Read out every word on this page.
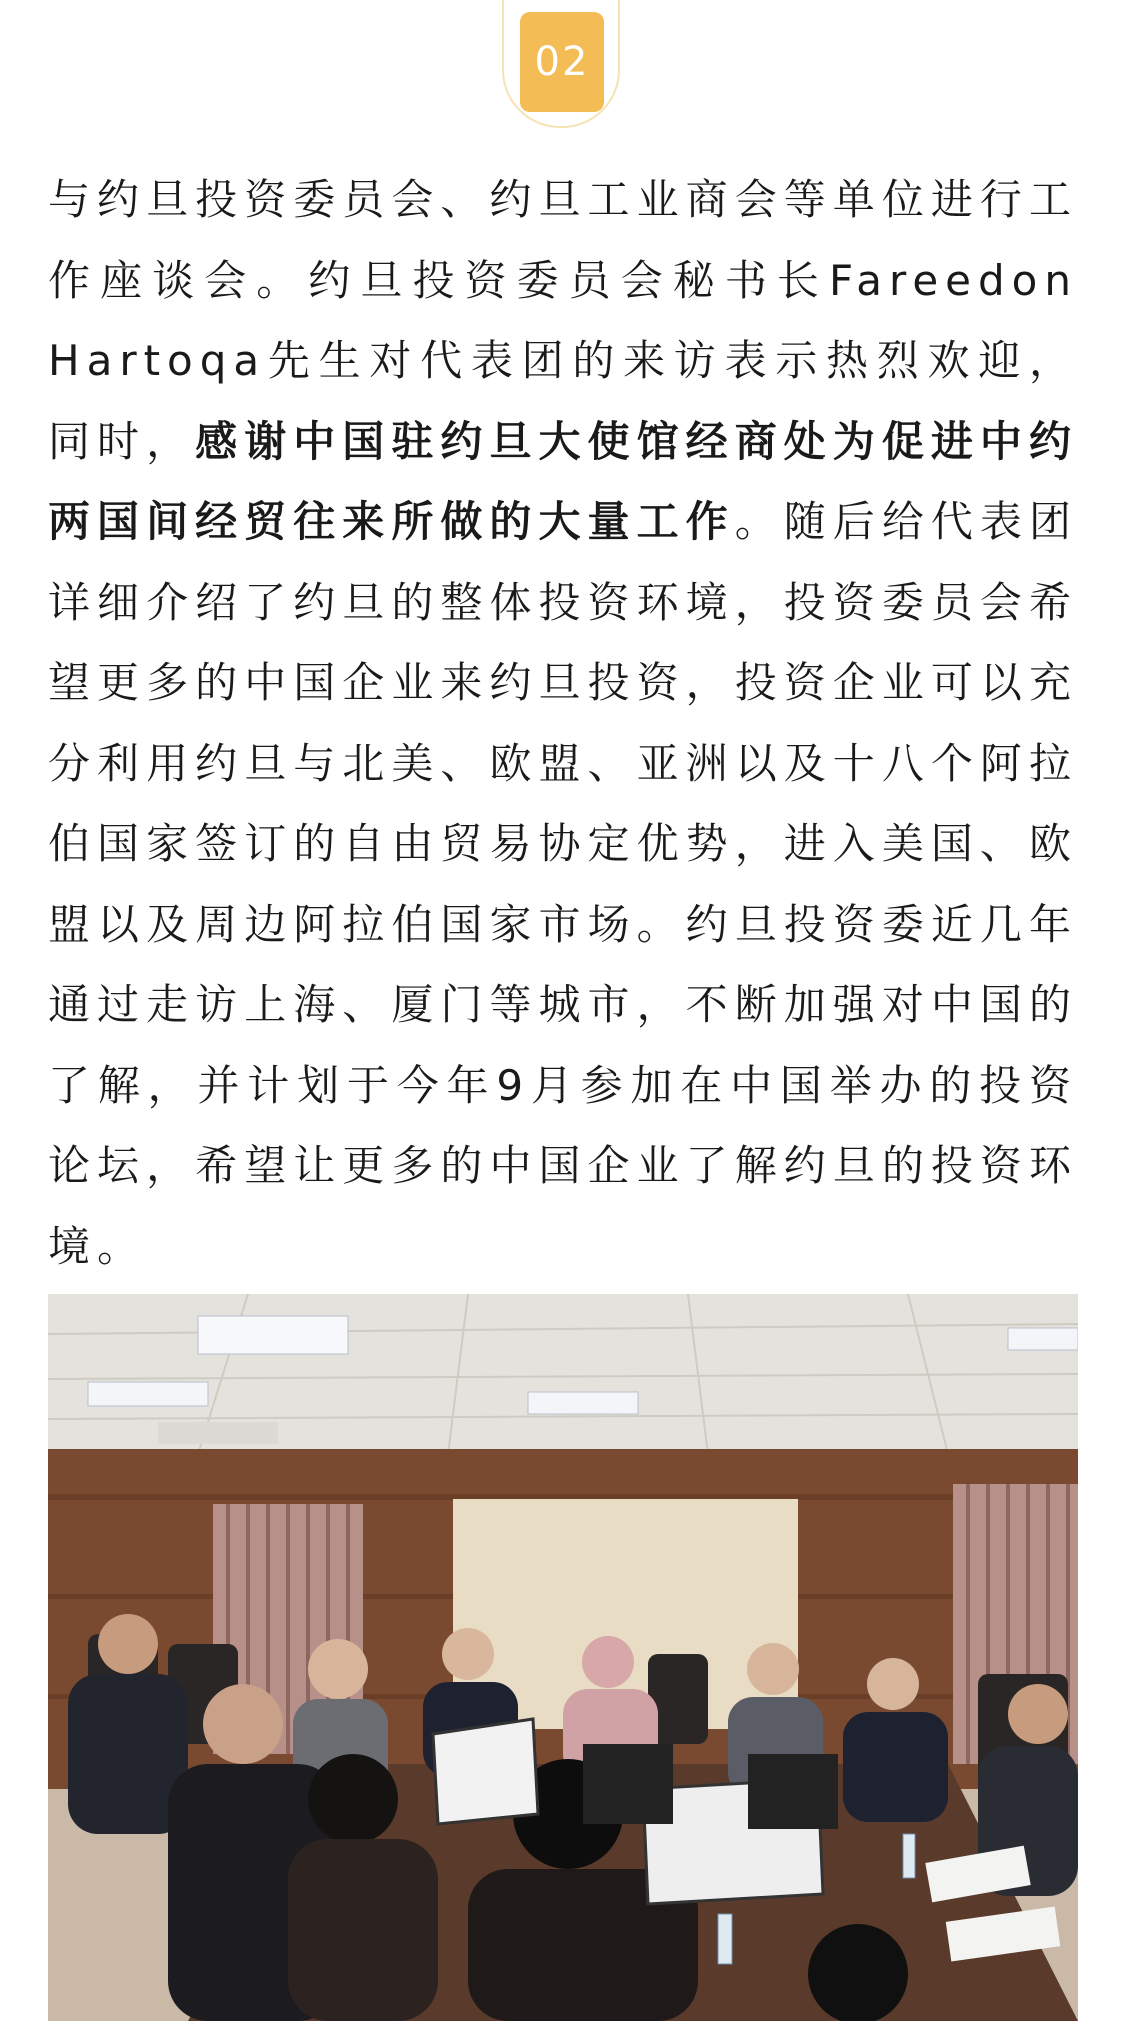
02

与约旦投资委员会、约旦工业商会等单位进行工作座谈会。约旦投资委员会秘书长Fareedon Hartoqa先生对代表团的来访表示热烈欢迎，同时，感谢中国驻约旦大使馆经商处为促进中约两国间经贸往来所做的大量工作。随后给代表团详细介绍了约旦的整体投资环境，投资委员会希望更多的中国企业来约旦投资，投资企业可以充分利用约旦与北美、欧盟、亚洲以及十八个阿拉伯国家签订的自由贸易协定优势，进入美国、欧盟以及周边阿拉伯国家市场。约旦投资委近几年通过走访上海、厦门等城市，不断加强对中国的了解，并计划于今年9月参加在中国举办的投资论坛，希望让更多的中国企业了解约旦的投资环境。
